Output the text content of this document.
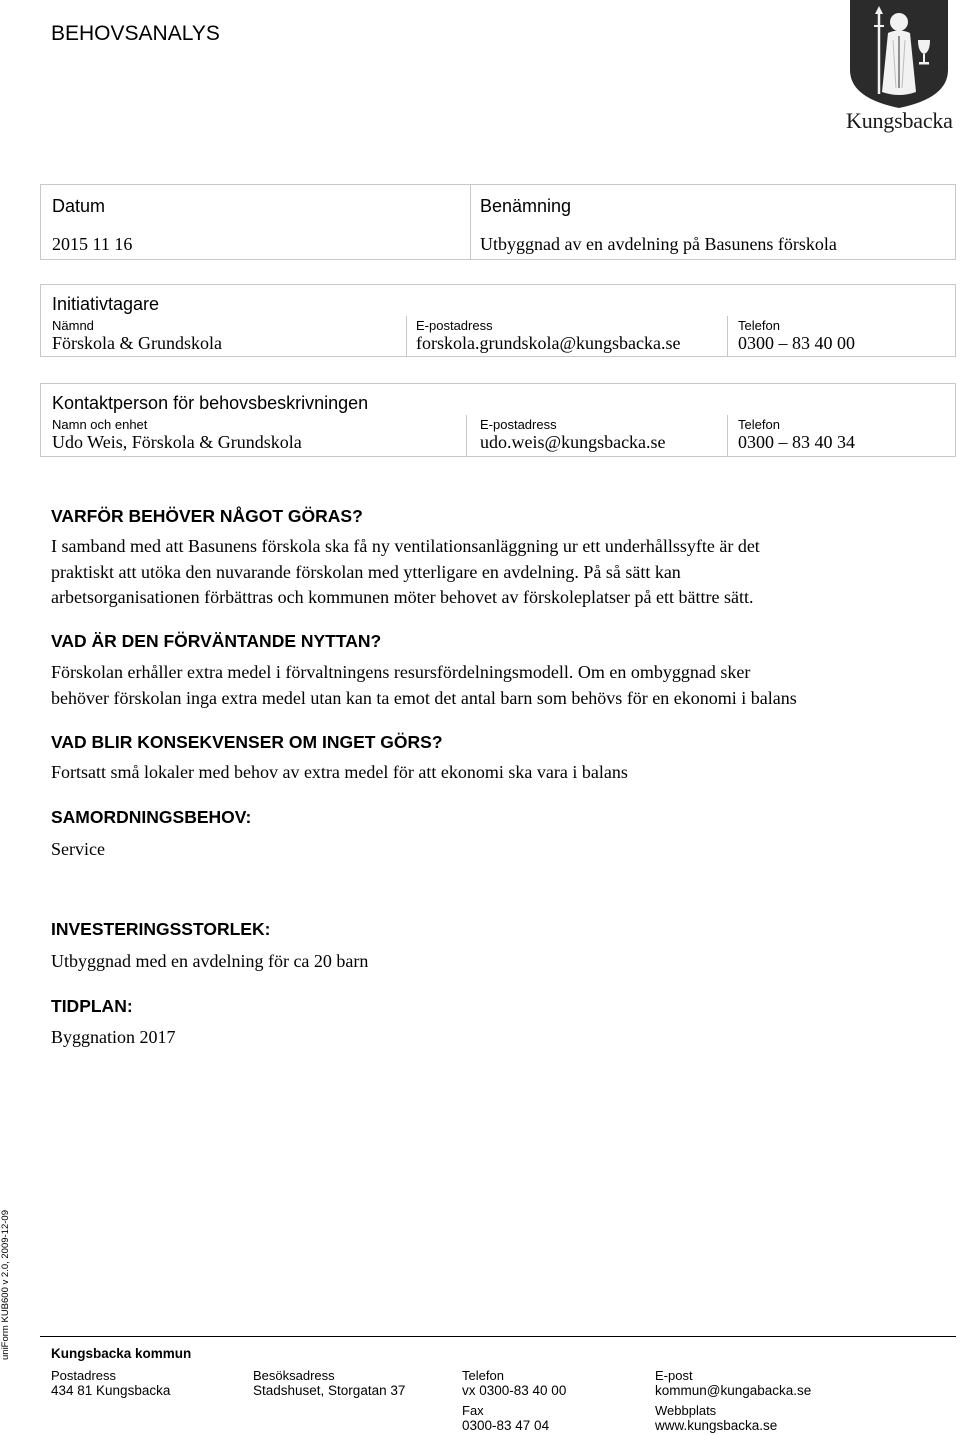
BEHOVSANALYS
Kungsbacka
Datum
2015 11 16
Benämning
Utbyggnad av en avdelning på Basunens förskola
Initiativtagare
Nämnd
Förskola & Grundskola
E-postadress
forskola.grundskola@kungsbacka.se
Telefon
0300 – 83 40 00
Kontaktperson för behovsbeskrivningen
Namn och enhet
Udo Weis, Förskola & Grundskola
E-postadress
udo.weis@kungsbacka.se
Telefon
0300 – 83 40 34
VARFÖR BEHÖVER NÅGOT GÖRAS?
I samband med att Basunens förskola ska få ny ventilationsanläggning ur ett underhållssyfte är det
praktiskt att utöka den nuvarande förskolan med ytterligare en avdelning. På så sätt kan
arbetsorganisationen förbättras och kommunen möter behovet av förskoleplatser på ett bättre sätt.
VAD ÄR DEN FÖRVÄNTANDE NYTTAN?
Förskolan erhåller extra medel i förvaltningens resursfördelningsmodell. Om en ombyggnad sker
behöver förskolan inga extra medel utan kan ta emot det antal barn som behövs för en ekonomi i balans
VAD BLIR KONSEKVENSER OM INGET GÖRS?
Fortsatt små lokaler med behov av extra medel för att ekonomi ska vara i balans
SAMORDNINGSBEHOV:
Service
INVESTERINGSSTORLEK:
Utbyggnad med en avdelning för ca 20 barn
TIDPLAN:
Byggnation 2017
uniForm KUB600 v 2.0, 2009-12-09	Kungsbacka kommun
Postadress
434 81 Kungsbacka
Besöksadress
Stadshuset, Storgatan 37
Telefon
vx 0300-83 40 00
Fax
0300-83 47 04
E-post
kommun@kungabacka.se
Webbplats
www.kungsbacka.se
